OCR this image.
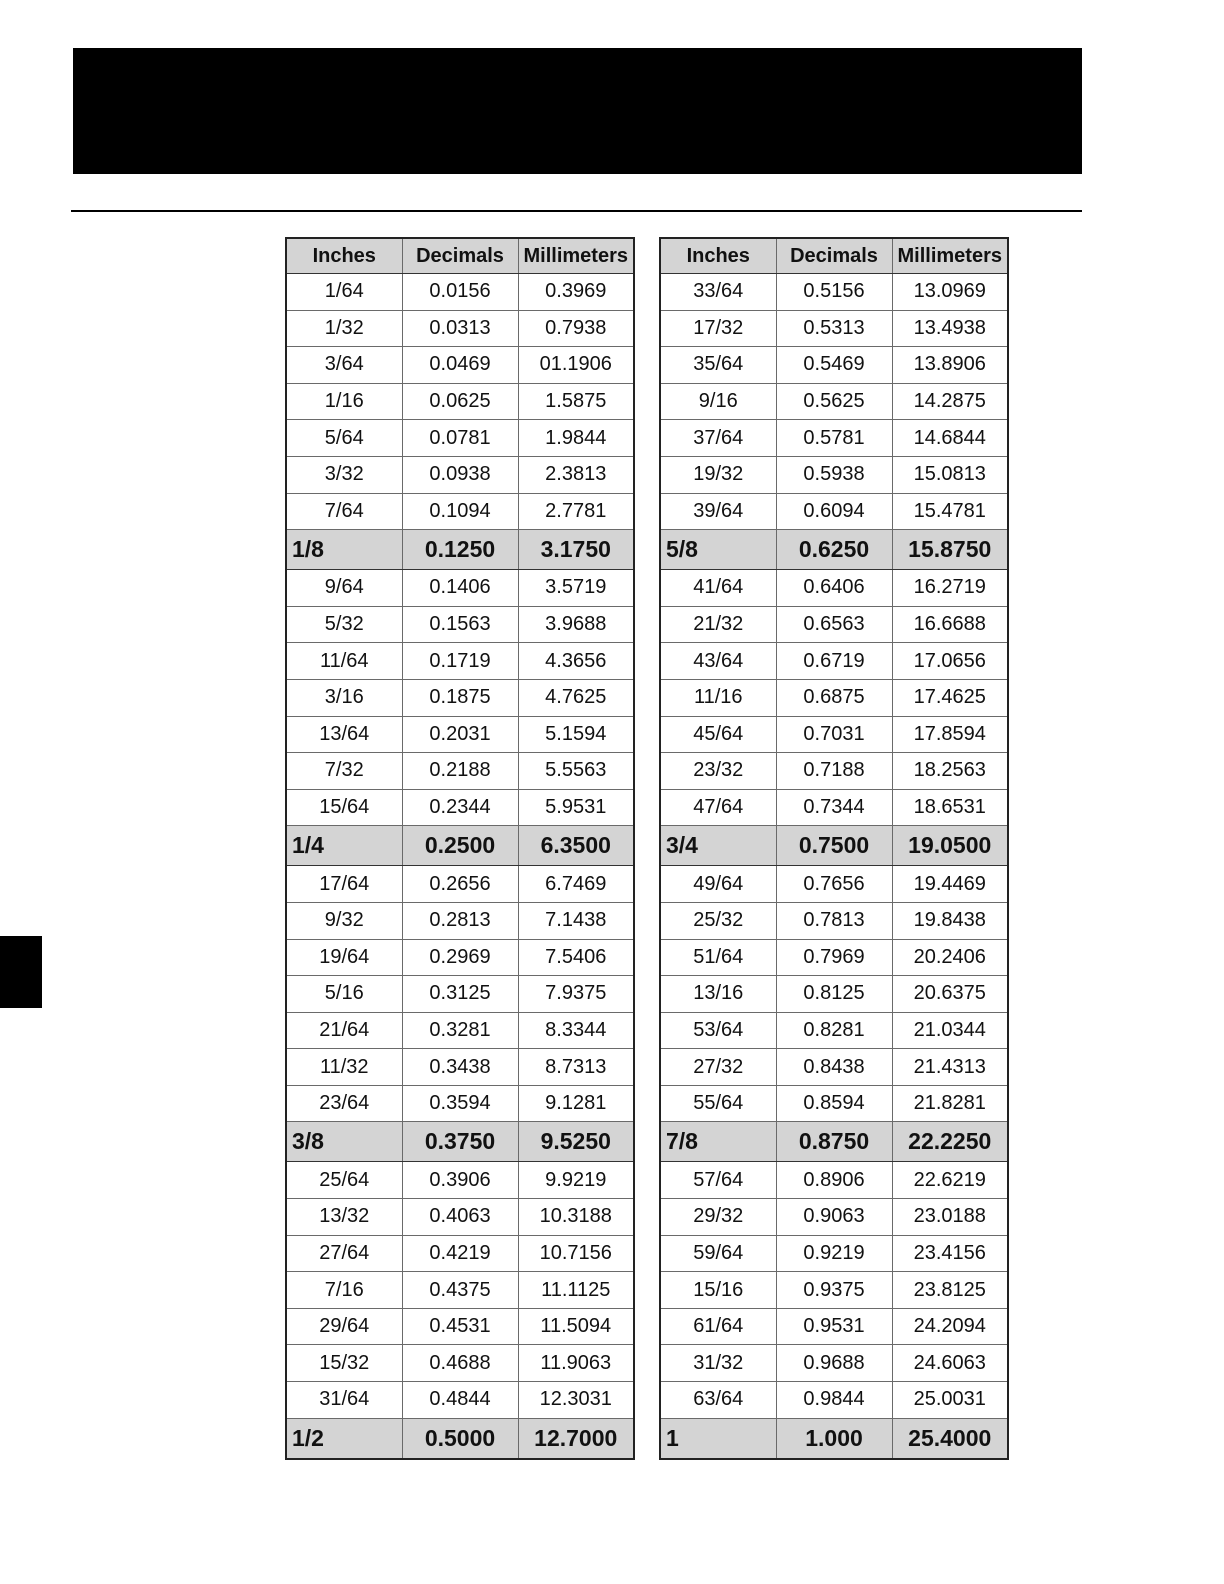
Inches	Decimals	Millimeters
1/64	0.0156	0.3969
1/32	0.0313	0.7938
3/64	0.0469	01.1906
1/16	0.0625	1.5875
5/64	0.0781	1.9844
3/32	0.0938	2.3813
7/64	0.1094	2.7781
1/8	0.1250	3.1750
9/64	0.1406	3.5719
5/32	0.1563	3.9688
11/64	0.1719	4.3656
3/16	0.1875	4.7625
13/64	0.2031	5.1594
7/32	0.2188	5.5563
15/64	0.2344	5.9531
1/4	0.2500	6.3500
17/64	0.2656	6.7469
9/32	0.2813	7.1438
19/64	0.2969	7.5406
5/16	0.3125	7.9375
21/64	0.3281	8.3344
11/32	0.3438	8.7313
23/64	0.3594	9.1281
3/8	0.3750	9.5250
25/64	0.3906	9.9219
13/32	0.4063	10.3188
27/64	0.4219	10.7156
7/16	0.4375	11.1125
29/64	0.4531	11.5094
15/32	0.4688	11.9063
31/64	0.4844	12.3031
1/2	0.5000	12.7000
Inches	Decimals	Millimeters
33/64	0.5156	13.0969
17/32	0.5313	13.4938
35/64	0.5469	13.8906
9/16	0.5625	14.2875
37/64	0.5781	14.6844
19/32	0.5938	15.0813
39/64	0.6094	15.4781
5/8	0.6250	15.8750
41/64	0.6406	16.2719
21/32	0.6563	16.6688
43/64	0.6719	17.0656
11/16	0.6875	17.4625
45/64	0.7031	17.8594
23/32	0.7188	18.2563
47/64	0.7344	18.6531
3/4	0.7500	19.0500
49/64	0.7656	19.4469
25/32	0.7813	19.8438
51/64	0.7969	20.2406
13/16	0.8125	20.6375
53/64	0.8281	21.0344
27/32	0.8438	21.4313
55/64	0.8594	21.8281
7/8	0.8750	22.2250
57/64	0.8906	22.6219
29/32	0.9063	23.0188
59/64	0.9219	23.4156
15/16	0.9375	23.8125
61/64	0.9531	24.2094
31/32	0.9688	24.6063
63/64	0.9844	25.0031
1	1.000	25.4000
